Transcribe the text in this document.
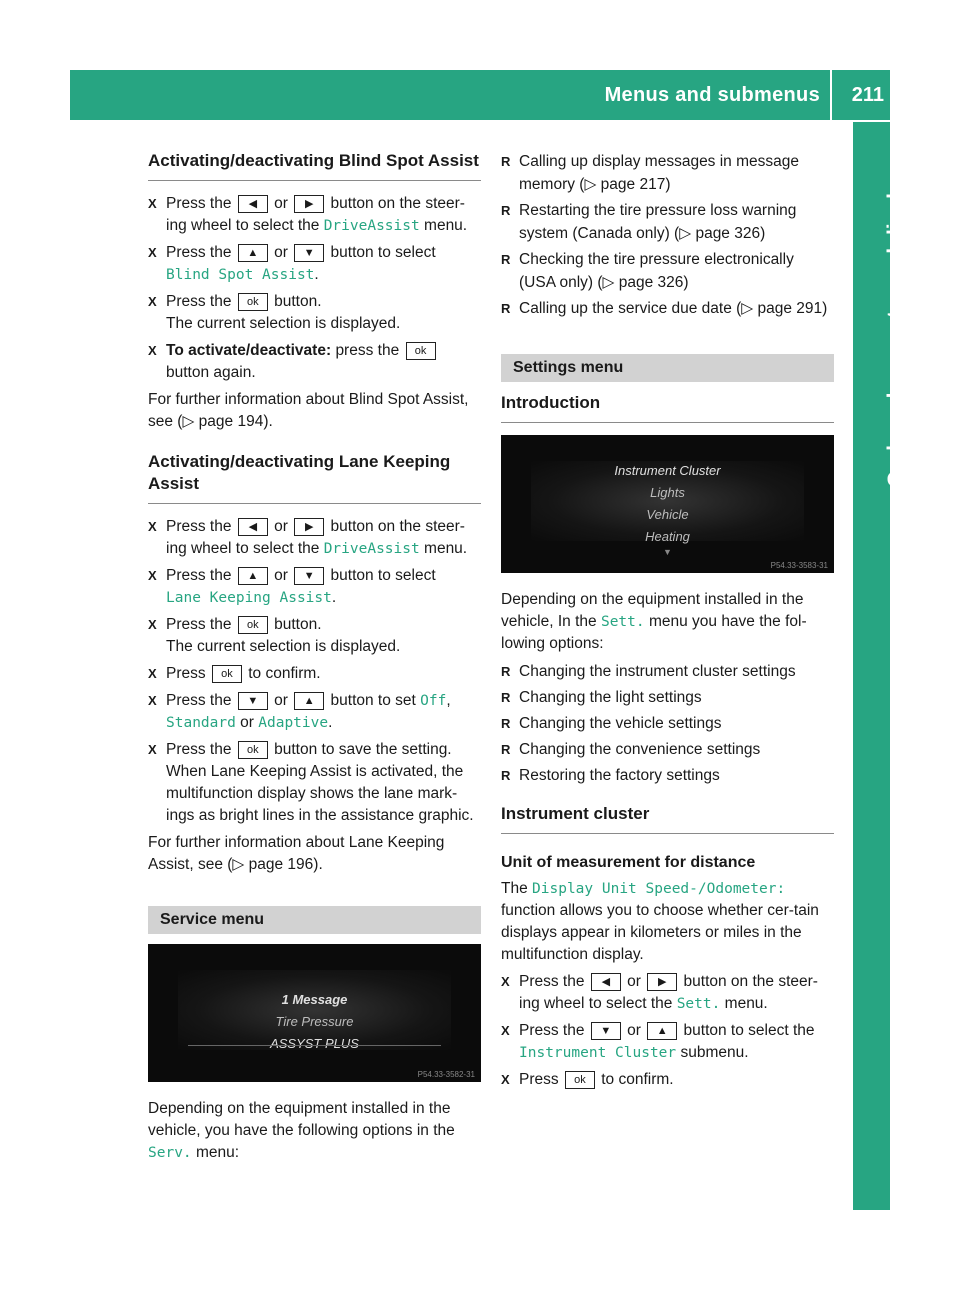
Menus and submenus 211
On-board computer and displays
Activating/deactivating Blind Spot Assist
X Press the ◀ or ▶ button on the steer-ing wheel to select the DriveAssist menu.
X Press the ▲ or ▼ button to select
Blind Spot Assist.
X Press the ok button.
The current selection is displayed.
X To activate/deactivate: press the ok
button again.

For further information about Blind Spot Assist, see (▷ page 194).

Activating/deactivating Lane Keeping Assist
X Press the ◀ or ▶ button on the steer-ing wheel to select the DriveAssist menu.
X Press the ▲ or ▼ button to select
Lane Keeping Assist.
X Press the ok button.
The current selection is displayed.
X Press ok to confirm.
X Press the ▼ or ▲ button to set Off,
Standard or Adaptive.
X Press the ok button to save the setting.
When Lane Keeping Assist is activated, the multifunction display shows the lane mark-ings as bright lines in the assistance graphic.

For further information about Lane Keeping Assist, see (▷ page 196).

Service menu
1 Message
Tire Pressure
ASSYST PLUS
P54.33-3582-31

Depending on the equipment installed in the vehicle, you have the following options in the Serv. menu:

R Calling up display messages in message memory (▷ page 217)
R Restarting the tire pressure loss warning system (Canada only) (▷ page 326)
R Checking the tire pressure electronically (USA only) (▷ page 326)
R Calling up the service due date (▷ page 291)
Settings menu
Introduction
Instrument Cluster
Lights
Vehicle
Heating
▼
P54.33-3583-31

Depending on the equipment installed in the vehicle, In the Sett. menu you have the fol-lowing options:

R Changing the instrument cluster settings
R Changing the light settings
R Changing the vehicle settings
R Changing the convenience settings
R Restoring the factory settings
Instrument cluster
Unit of measurement for distance

The Display Unit Speed-/Odometer: function allows you to choose whether cer-tain displays appear in kilometers or miles in the multifunction display.

X Press the ◀ or ▶ button on the steer-ing wheel to select the Sett. menu.
X Press the ▼ or ▲ button to select the
Instrument Cluster submenu.
X Press ok to confirm.
